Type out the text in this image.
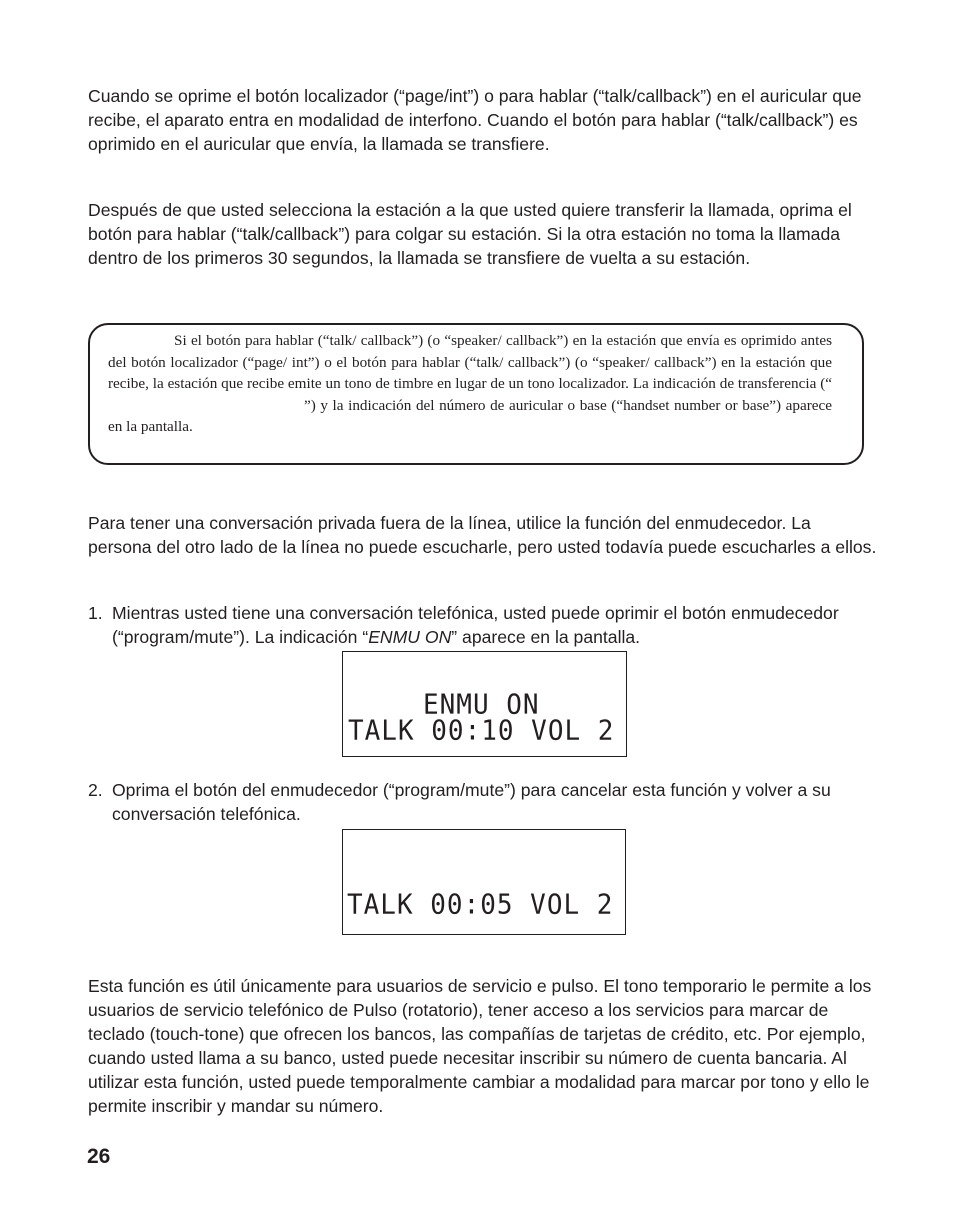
Cuando se oprime el botón localizador (“page/int”) o para hablar (“talk/callback”) en el auricular que recibe, el aparato entra en modalidad de interfono. Cuando el botón para hablar (“talk/callback”) es oprimido en el auricular que envía, la llamada se transfiere.

Después de que usted selecciona la estación a la que usted quiere transferir la llamada, oprima el botón para hablar (“talk/callback”) para colgar su estación. Si la otra estación no toma la llamada dentro de los primeros 30 segundos, la llamada se transfiere de vuelta a su estación.

Si el botón para hablar (“talk/ callback”) (o “speaker/ callback”) en la estación que envía es oprimido antes del botón localizador (“page/ int”) o el botón para hablar (“talk/ callback”) (o “speaker/ callback”) en la estación que recibe, la estación que recibe emite un tono de timbre en lugar de un tono localizador. La indicación de transferencia (“”) y la indicación del número de auricular o base (“handset number or base”) aparece en la pantalla.

Para tener una conversación privada fuera de la línea, utilice la función del enmudecedor. La persona del otro lado de la línea no puede escucharle, pero usted todavía puede escucharles a ellos.

1. Mientras usted tiene una conversación telefónica, usted puede oprimir el botón enmudecedor (“program/mute”). La indicación “ENMU ON” aparece en la pantalla.
ENMU ON
TALK 00:10 VOL 2
2. Oprima el botón del enmudecedor (“program/mute”) para cancelar esta función y volver a su conversación telefónica.
TALK 00:05 VOL 2

Esta función es útil únicamente para usuarios de servicio e pulso. El tono temporario le permite a los usuarios de servicio telefónico de Pulso (rotatorio), tener acceso a los servicios para marcar de teclado (touch-tone) que ofrecen los bancos, las compañías de tarjetas de crédito, etc. Por ejemplo, cuando usted llama a su banco, usted puede necesitar inscribir su número de cuenta bancaria. Al utilizar esta función, usted puede temporalmente cambiar a modalidad para marcar por tono y ello le permite inscribir y mandar su número.

26
